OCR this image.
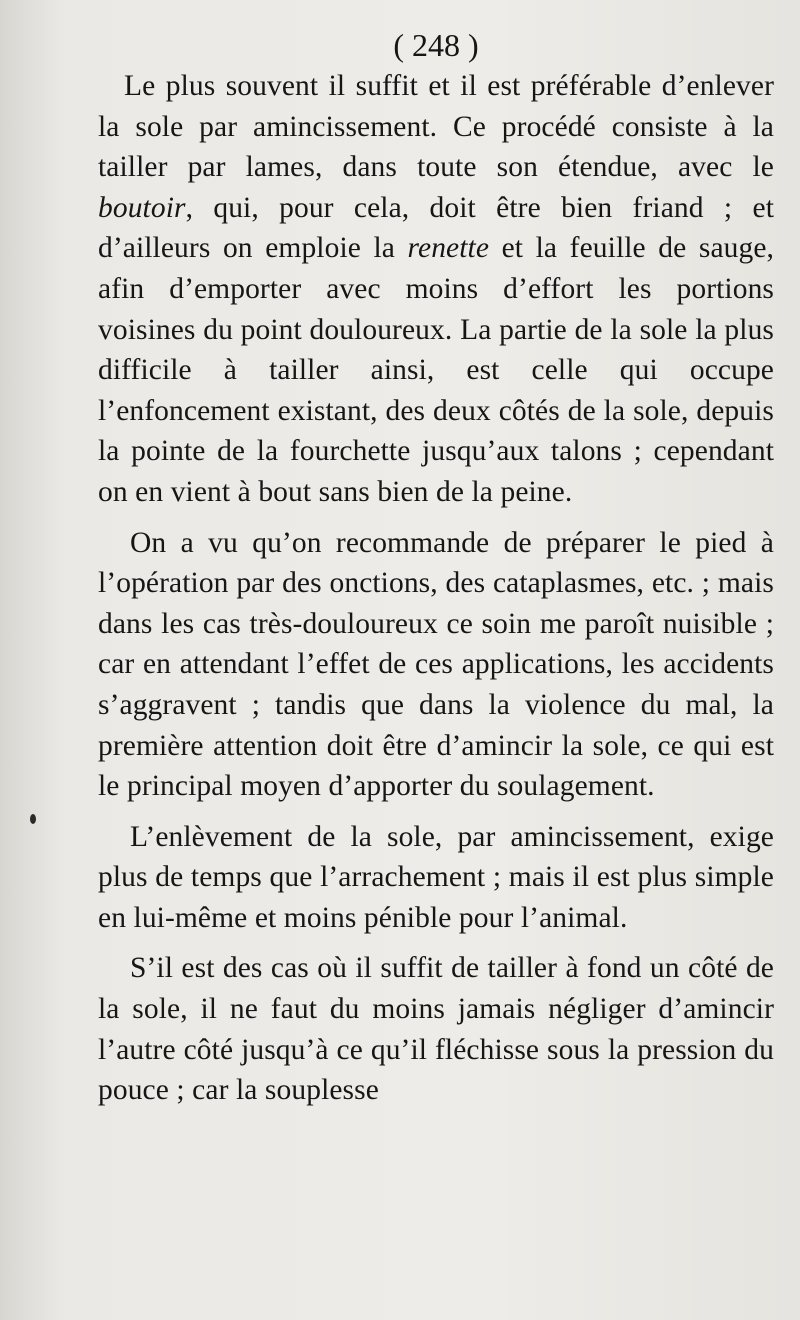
( 248 )

Le plus souvent il suffit et il est préférable d’enlever la sole par amincissement. Ce procédé consiste à la tailler par lames, dans toute son étendue, avec le boutoir, qui, pour cela, doit être bien friand ; et d’ailleurs on emploie la renette et la feuille de sauge, afin d’emporter avec moins d’effort les portions voisines du point douloureux. La partie de la sole la plus difficile à tailler ainsi, est celle qui occupe l’enfoncement existant, des deux côtés de la sole, depuis la pointe de la fourchette jusqu’aux talons ; cependant on en vient à bout sans bien de la peine.

On a vu qu’on recommande de préparer le pied à l’opération par des onctions, des cataplasmes, etc. ; mais dans les cas très-douloureux ce soin me paroît nuisible ; car en attendant l’effet de ces applications, les accidents s’aggravent ; tandis que dans la violence du mal, la première attention doit être d’amincir la sole, ce qui est le principal moyen d’apporter du soulagement.

L’enlèvement de la sole, par amincissement, exige plus de temps que l’arrachement ; mais il est plus simple en lui-même et moins pénible pour l’animal.

S’il est des cas où il suffit de tailler à fond un côté de la sole, il ne faut du moins jamais négliger d’amincir l’autre côté jusqu’à ce qu’il fléchisse sous la pression du pouce ; car la souplesse
